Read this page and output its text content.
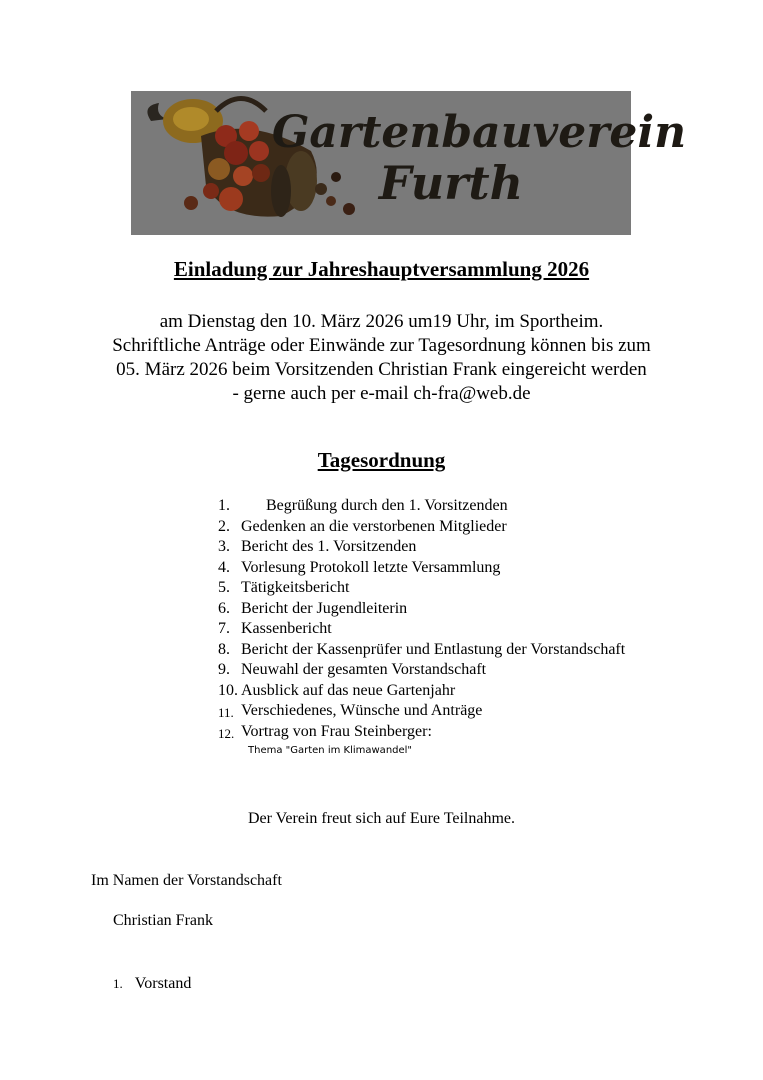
Gartenbauverein
Furth
Einladung zur Jahreshauptversammlung 2026
am Dienstag den 10. März 2026 um19 Uhr, im Sportheim.
Schriftliche Anträge oder Einwände zur Tagesordnung können bis zum
05. März 2026 beim Vorsitzenden Christian Frank eingereicht werden
- gerne auch per e-mail ch-fra@web.de
Tagesordnung
1. Begrüßung durch den 1. Vorsitzenden
2. Gedenken an die verstorbenen Mitglieder
3. Bericht des 1. Vorsitzenden
4. Vorlesung Protokoll letzte Versammlung
5. Tätigkeitsbericht
6. Bericht der Jugendleiterin
7. Kassenbericht
8. Bericht der Kassenprüfer und Entlastung der Vorstandschaft
9. Neuwahl der gesamten Vorstandschaft
10. Ausblick auf das neue Gartenjahr
11. Verschiedenes, Wünsche und Anträge
12. Vortrag von Frau Steinberger:
Thema "Garten im Klimawandel"
Der Verein freut sich auf Eure Teilnahme.
Im Namen der Vorstandschaft
Christian Frank
1. Vorstand
